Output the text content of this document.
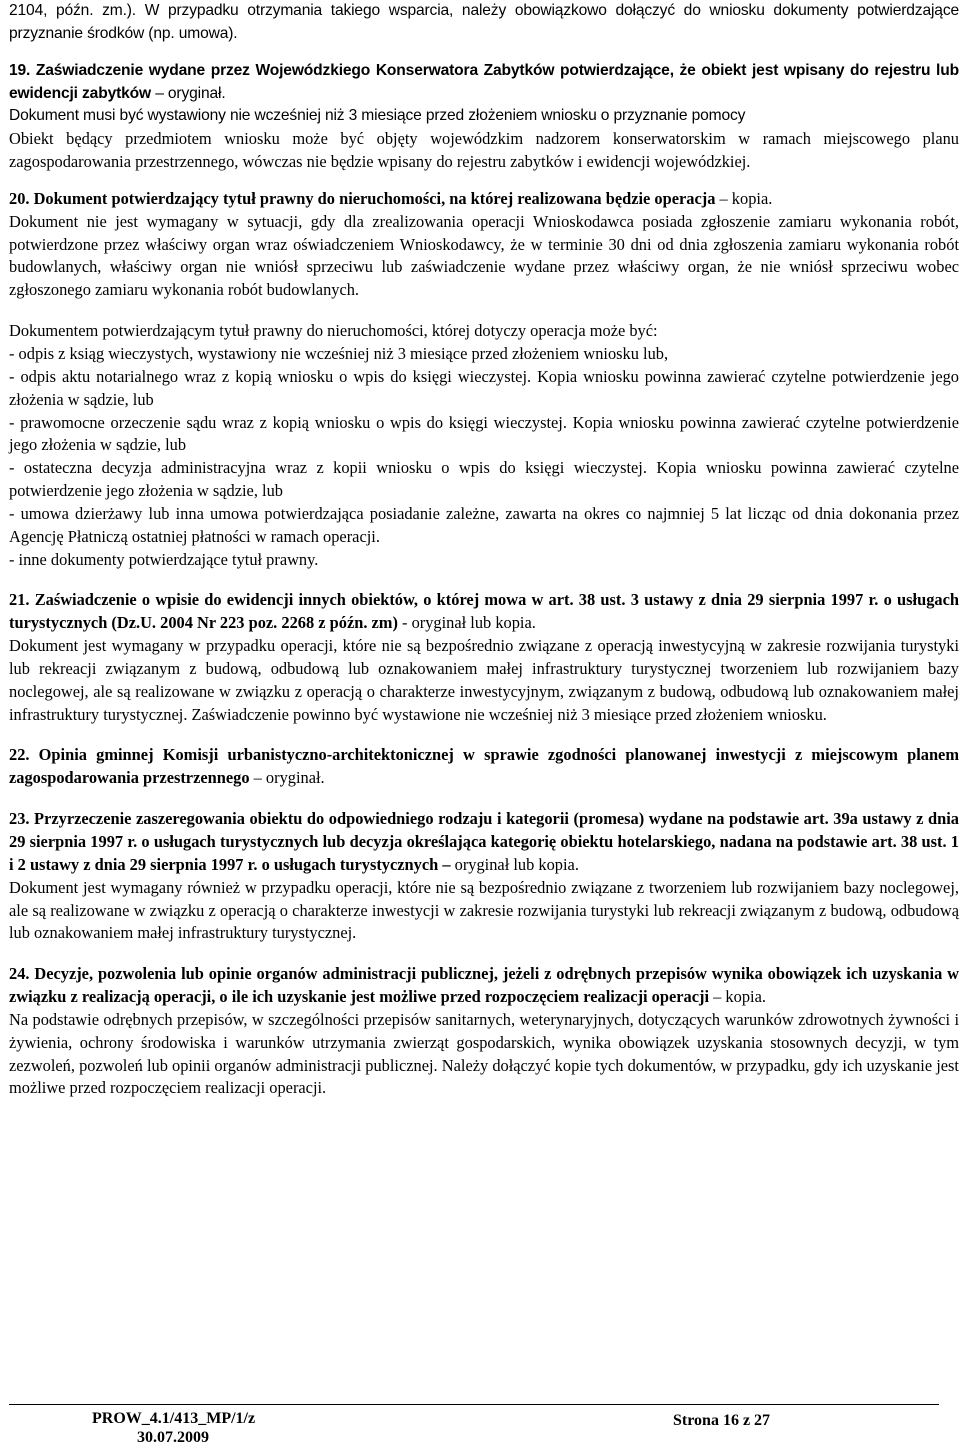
2104, późn. zm.). W przypadku otrzymania takiego wsparcia, należy obowiązkowo dołączyć do wniosku dokumenty potwierdzające przyznanie środków (np. umowa).

19. Zaświadczenie wydane przez Wojewódzkiego Konserwatora Zabytków potwierdzające, że obiekt jest wpisany do rejestru lub ewidencji zabytków – oryginał.

Dokument musi być wystawiony nie wcześniej niż 3 miesiące przed złożeniem wniosku o przyznanie pomocy

Obiekt będący przedmiotem wniosku może być objęty wojewódzkim nadzorem konserwatorskim w ramach miejscowego planu zagospodarowania przestrzennego, wówczas nie będzie wpisany do rejestru zabytków i ewidencji wojewódzkiej.

20. Dokument potwierdzający tytuł prawny do nieruchomości, na której realizowana będzie operacja – kopia.

Dokument nie jest wymagany w sytuacji, gdy dla zrealizowania operacji Wnioskodawca posiada zgłoszenie zamiaru wykonania robót, potwierdzone przez właściwy organ wraz oświadczeniem Wnioskodawcy, że w terminie 30 dni od dnia zgłoszenia zamiaru wykonania robót budowlanych, właściwy organ nie wniósł sprzeciwu lub zaświadczenie wydane przez właściwy organ, że nie wniósł sprzeciwu wobec zgłoszonego zamiaru wykonania robót budowlanych.

Dokumentem potwierdzającym tytuł prawny do nieruchomości, której dotyczy operacja może być:

- odpis z ksiąg wieczystych, wystawiony nie wcześniej niż 3 miesiące przed złożeniem wniosku lub,

- odpis aktu notarialnego wraz z kopią wniosku o wpis do księgi wieczystej. Kopia wniosku powinna zawierać czytelne potwierdzenie jego złożenia w sądzie, lub

- prawomocne orzeczenie sądu wraz z kopią wniosku o wpis do księgi wieczystej. Kopia wniosku powinna zawierać czytelne potwierdzenie jego złożenia w sądzie, lub

- ostateczna decyzja administracyjna wraz z kopii wniosku o wpis do księgi wieczystej. Kopia wniosku powinna zawierać czytelne potwierdzenie jego złożenia w sądzie, lub

- umowa dzierżawy lub inna umowa potwierdzająca posiadanie zależne, zawarta na okres co najmniej 5 lat licząc od dnia dokonania przez Agencję Płatniczą ostatniej płatności w ramach operacji.

- inne dokumenty potwierdzające tytuł prawny.

21. Zaświadczenie o wpisie do ewidencji innych obiektów, o której mowa w art. 38 ust. 3 ustawy z dnia 29 sierpnia 1997 r. o usługach turystycznych (Dz.U. 2004 Nr 223 poz. 2268 z późn. zm) - oryginał lub kopia.

Dokument jest wymagany w przypadku operacji, które nie są bezpośrednio związane z operacją inwestycyjną w zakresie rozwijania turystyki lub rekreacji związanym z budową, odbudową lub oznakowaniem małej infrastruktury turystycznej tworzeniem lub rozwijaniem bazy noclegowej, ale są realizowane w związku z operacją o charakterze inwestycyjnym, związanym z budową, odbudową lub oznakowaniem małej infrastruktury turystycznej. Zaświadczenie powinno być wystawione nie wcześniej niż 3 miesiące przed złożeniem wniosku.

22. Opinia gminnej Komisji urbanistyczno-architektonicznej w sprawie zgodności planowanej inwestycji z miejscowym planem zagospodarowania przestrzennego – oryginał.

23. Przyrzeczenie zaszeregowania obiektu do odpowiedniego rodzaju i kategorii (promesa) wydane na podstawie art. 39a ustawy z dnia 29 sierpnia 1997 r. o usługach turystycznych lub decyzja określająca kategorię obiektu hotelarskiego, nadana na podstawie art. 38 ust. 1 i 2 ustawy z dnia 29 sierpnia 1997 r. o usługach turystycznych – oryginał lub kopia.

Dokument jest wymagany również w przypadku operacji, które nie są bezpośrednio związane z tworzeniem lub rozwijaniem bazy noclegowej, ale są realizowane w związku z operacją o charakterze inwestycji w zakresie rozwijania turystyki lub rekreacji związanym z budową, odbudową lub oznakowaniem małej infrastruktury turystycznej.

24. Decyzje, pozwolenia lub opinie organów administracji publicznej, jeżeli z odrębnych przepisów wynika obowiązek ich uzyskania w związku z realizacją operacji, o ile ich uzyskanie jest możliwe przed rozpoczęciem realizacji operacji – kopia.

Na podstawie odrębnych przepisów, w szczególności przepisów sanitarnych, weterynaryjnych, dotyczących warunków zdrowotnych żywności i żywienia, ochrony środowiska i warunków utrzymania zwierząt gospodarskich, wynika obowiązek uzyskania stosownych decyzji, w tym zezwoleń, pozwoleń lub opinii organów administracji publicznej. Należy dołączyć kopie tych dokumentów, w przypadku, gdy ich uzyskanie jest możliwe przed rozpoczęciem realizacji operacji.

PROW_4.1/413_MP/1/z
30.07.2009
Strona 16 z 27
